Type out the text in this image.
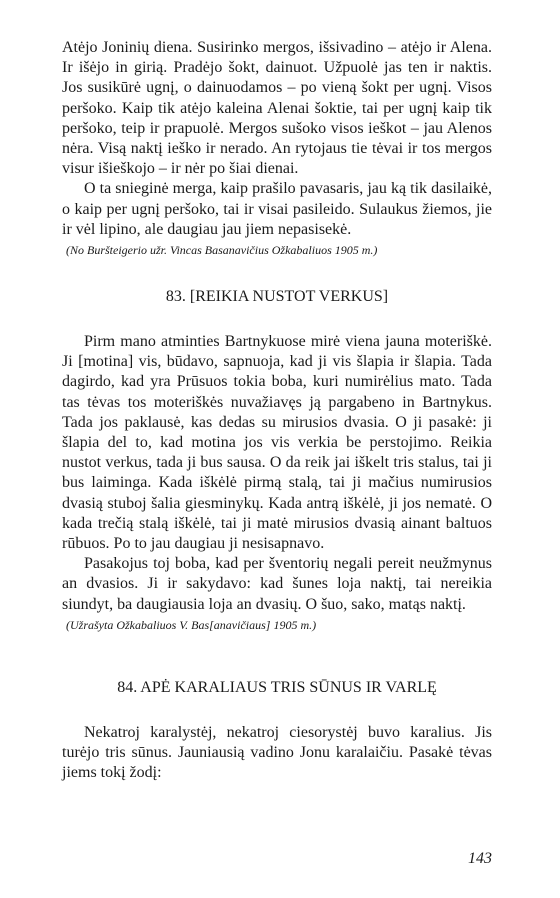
Atėjo Joninių diena. Susirinko mergos, išsivadino – atėjo ir Alena. Ir išėjo in girią. Pradėjo šokt, dainuot. Užpuolė jas ten ir naktis. Jos susikūrė ugnį, o dainuodamos – po vieną šokt per ugnį. Visos peršoko. Kaip tik atėjo kaleina Alenai šoktie, tai per ugnį kaip tik peršoko, teip ir prapuolė. Mergos sušoko visos ieškot – jau Alenos nėra. Visą naktį ieško ir nerado. An rytojaus tie tėvai ir tos mergos visur išieškojo – ir nėr po šiai dienai.

O ta snieginė merga, kaip prašilo pavasaris, jau ką tik dasilaikė, o kaip per ugnį peršoko, tai ir visai pasileido. Sulaukus žiemos, jie ir vėl lipino, ale daugiau jau jiem nepasisekė.

(No Buršteigerio užr. Vincas Basanavičius Ožkabaliuos 1905 m.)
83. [REIKIA NUSTOT VERKUS]

Pirm mano atminties Bartnykuose mirė viena jauna moteriškė. Ji [motina] vis, būdavo, sapnuoja, kad ji vis šlapia ir šlapia. Tada dagirdo, kad yra Prūsuos tokia boba, kuri numirėlius mato. Tada tas tėvas tos moteriškės nuvažiavęs ją pargabeno in Bartnykus. Tada jos paklausė, kas dedas su mirusios dvasia. O ji pasakė: ji šlapia del to, kad motina jos vis verkia be perstojimo. Reikia nustot verkus, tada ji bus sausa. O da reik jai iškelt tris stalus, tai ji bus laiminga. Kada iškėlė pirmą stalą, tai ji mačius numirusios dvasią stuboj šalia giesminykų. Kada antrą iškėlė, ji jos nematė. O kada trečią stalą iškėlė, tai ji matė mirusios dvasią ainant baltuos rūbuos. Po to jau daugiau ji nesisapnavo.

Pasakojus toj boba, kad per šventorių negali pereit neužmynus an dvasios. Ji ir sakydavo: kad šunes loja naktį, tai nereikia siundyt, ba daugiausia loja an dvasių. O šuo, sako, matąs naktį.

(Užrašyta Ožkabaliuos V. Bas[anavičiaus] 1905 m.)
84. APĖ KARALIAUS TRIS SŪNUS IR VARLĘ

Nekatroj karalystėj, nekatroj ciesorystėj buvo karalius. Jis turėjo tris sūnus. Jauniausią vadino Jonu karalaičiu. Pasakė tėvas jiems tokį žodį:

143
